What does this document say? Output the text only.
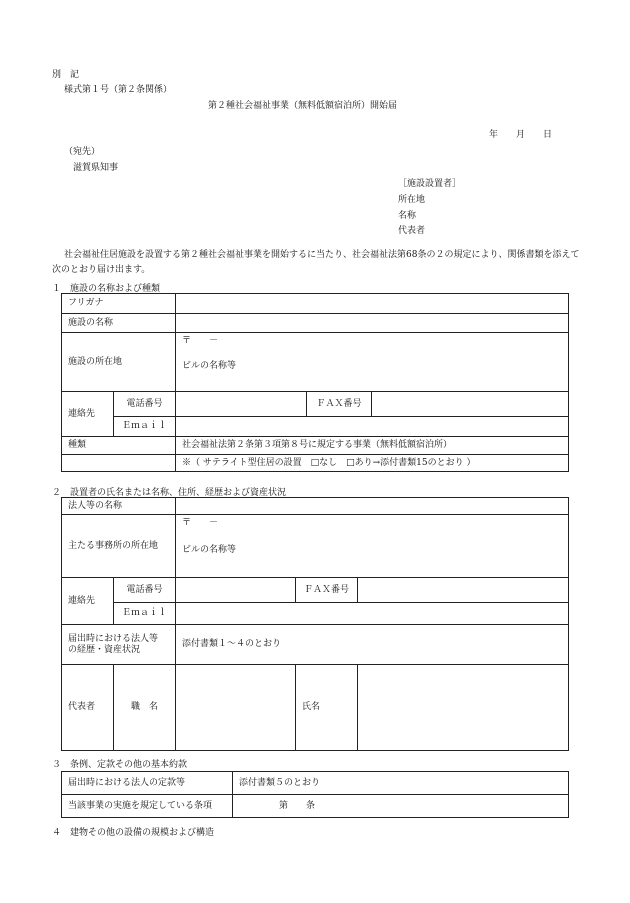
別　記
様式第１号（第２条関係）
第２種社会福祉事業（無料低額宿泊所）開始届
年　　月　　日
（宛先）
滋賀県知事
［施設設置者］
所在地
名称
代表者
社会福祉住居施設を設置する第２種社会福祉事業を開始するに当たり、社会福祉法第68条の２の規定により、関係書類を添えて次のとおり届け出ます。
１　施設の名称および種類
フリガナ				
施設の名称				
施設の所在地		〒　　－
ビルの名称等		

連絡先	電話番号		ＦＡＸ番号	
	Ｅｍａｉｌ			
種類		社会福祉法第２条第３項第８号に規定する事業（無料低額宿泊所）		
		※（ サテライト型住居の設置　□なし　□あり→添付書類15のとおり ）		
２　設置者の氏名または名称、住所、経歴および資産状況
法人等の名称				
主たる事務所の所在地		〒　　－
ビルの名称等		

連絡先	電話番号		ＦＡＸ番号	
	Ｅｍａｉｌ			

届出時における法人等
の経歴・資産状況		添付書類１～４のとおり		
代表者	職　名		氏名	
３　条例、定款その他の基本約款
届出時における法人の定款等	添付書類５のとおり
当該事業の実施を規定している条項	第　　条
４　建物その他の設備の規模および構造
